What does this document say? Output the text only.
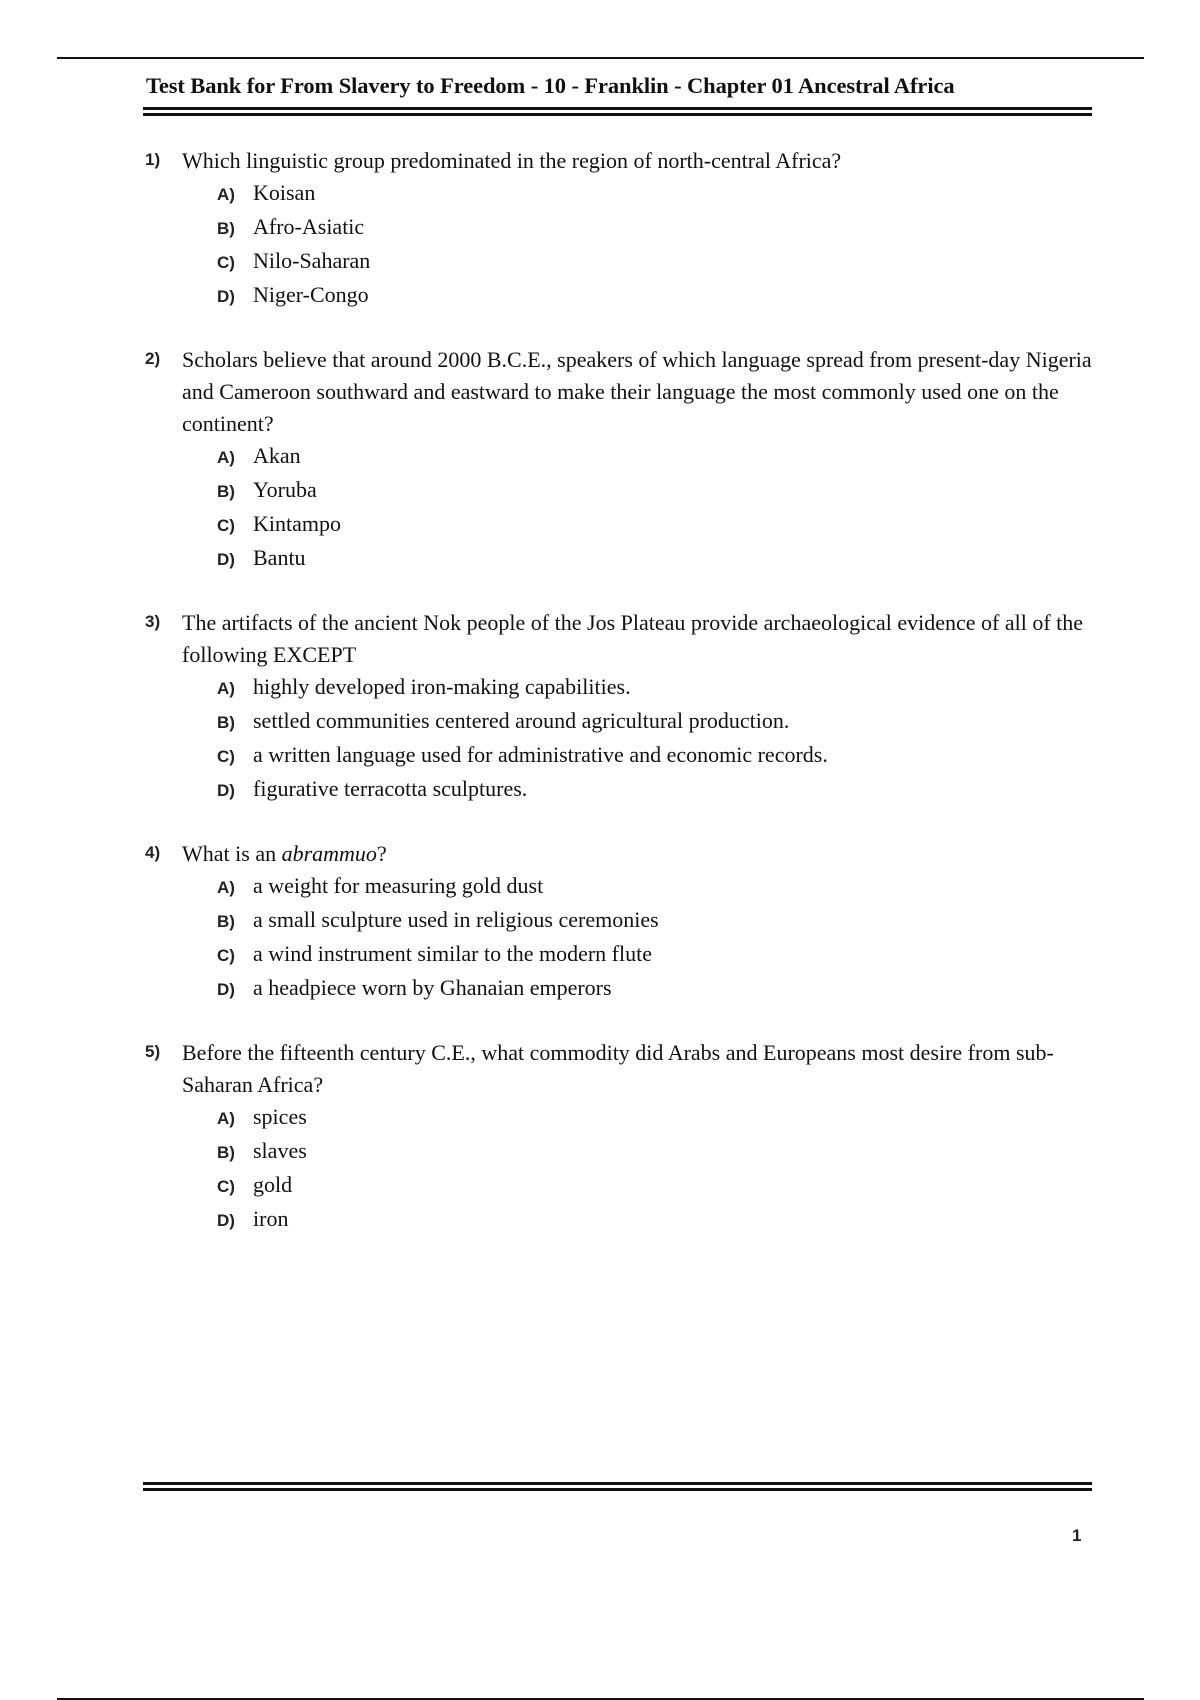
Test Bank for From Slavery to Freedom - 10 - Franklin - Chapter 01 Ancestral Africa
1) Which linguistic group predominated in the region of north-central Africa?
A) Koisan
B) Afro-Asiatic
C) Nilo-Saharan
D) Niger-Congo
2) Scholars believe that around 2000 B.C.E., speakers of which language spread from present-day Nigeria and Cameroon southward and eastward to make their language the most commonly used one on the continent?
A) Akan
B) Yoruba
C) Kintampo
D) Bantu
3) The artifacts of the ancient Nok people of the Jos Plateau provide archaeological evidence of all of the following EXCEPT
A) highly developed iron-making capabilities.
B) settled communities centered around agricultural production.
C) a written language used for administrative and economic records.
D) figurative terracotta sculptures.
4) What is an abrammuo?
A) a weight for measuring gold dust
B) a small sculpture used in religious ceremonies
C) a wind instrument similar to the modern flute
D) a headpiece worn by Ghanaian emperors
5) Before the fifteenth century C.E., what commodity did Arabs and Europeans most desire from sub-Saharan Africa?
A) spices
B) slaves
C) gold
D) iron
1
